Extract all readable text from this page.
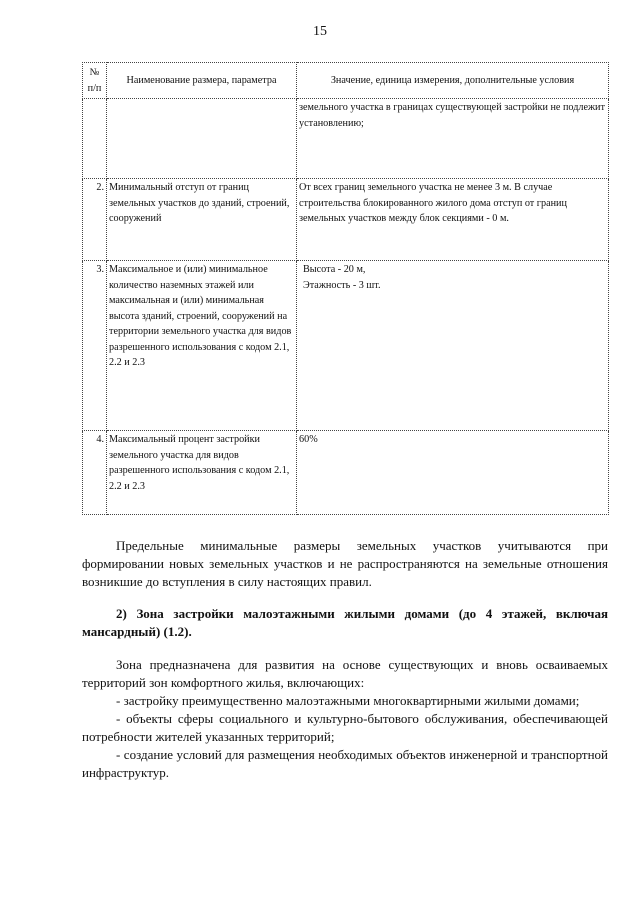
15
№ п/п	Наименование размера, параметра	Значение, единица измерения, дополнительные условия
		земельного участка в границах существующей застройки не подлежит установлению;
2.	Минимальный отступ от границ земельных участков до зданий, строений, сооружений	От всех границ земельного участка не менее 3 м. В случае строительства блокированного жилого дома отступ от границ земельных участков между блок секциями - 0 м.
3.	Максимальное и (или) минимальное количество наземных этажей или максимальная и (или) минимальная высота зданий, строений, сооружений на территории земельного участка для видов разрешенного использования с кодом 2.1, 2.2 и 2.3	Высота - 20 м,
Этажность - 3 шт.

4.	Максимальный процент застройки земельного участка для видов разрешенного использования с кодом 2.1, 2.2 и 2.3	60%
Предельные минимальные размеры земельных участков учитываются при формировании новых земельных участков и не распространяются на земельные отношения возникшие до вступления в силу настоящих правил.
2) Зона застройки малоэтажными жилыми домами (до 4 этажей, включая мансардный) (1.2).
Зона предназначена для развития на основе существующих и вновь осваиваемых территорий зон комфортного жилья, включающих:
- застройку преимущественно малоэтажными многоквартирными жилыми домами;
- объекты сферы социального и культурно-бытового обслуживания, обеспечивающей потребности жителей указанных территорий;
- создание условий для размещения необходимых объектов инженерной и транспортной инфраструктур.
